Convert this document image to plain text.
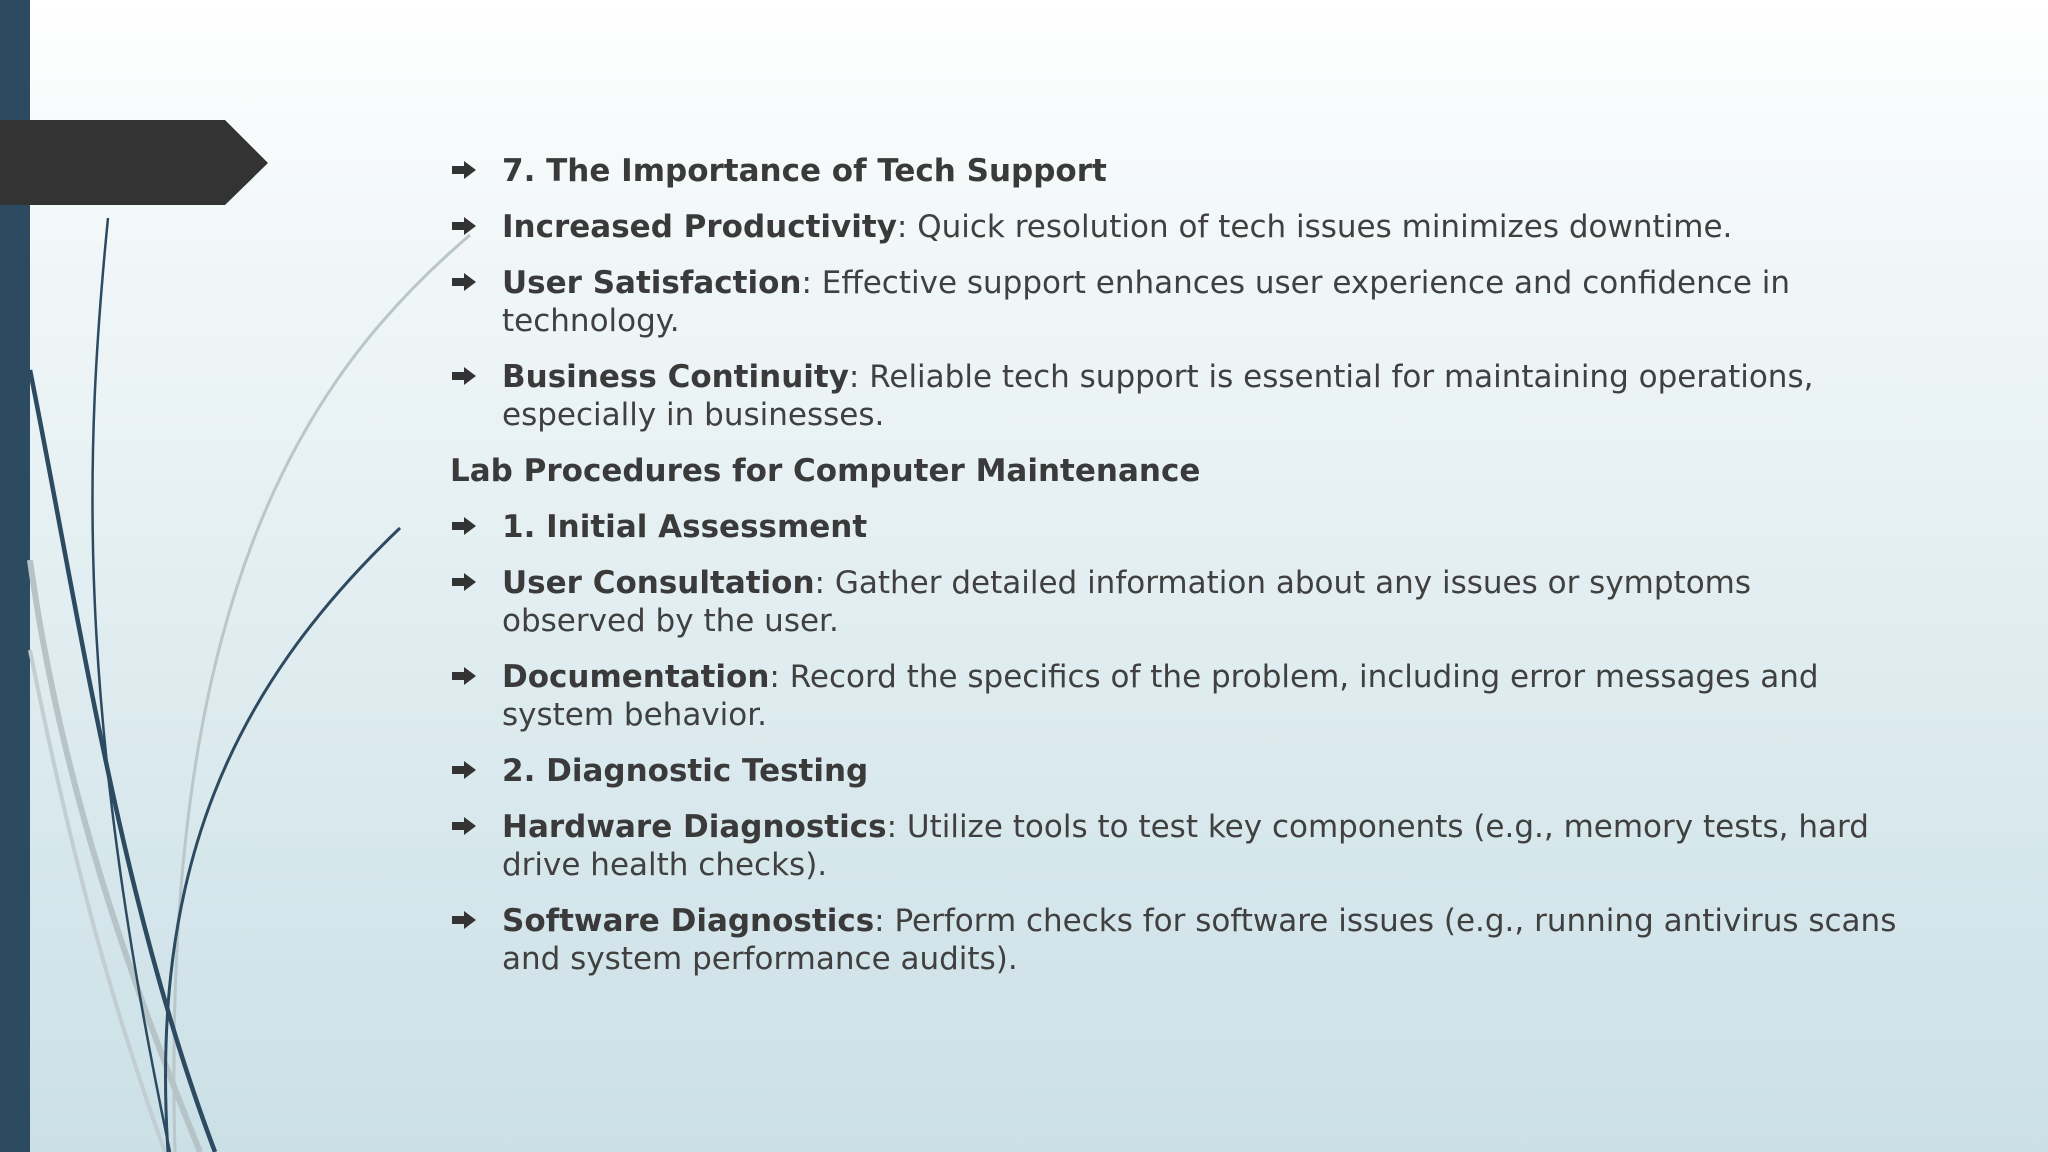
7. The Importance of Tech Support
Increased Productivity: Quick resolution of tech issues minimizes downtime.
User Satisfaction: Effective support enhances user experience and confidence in technology.
Business Continuity: Reliable tech support is essential for maintaining operations, especially in businesses.
Lab Procedures for Computer Maintenance
1. Initial Assessment
User Consultation: Gather detailed information about any issues or symptoms observed by the user.
Documentation: Record the specifics of the problem, including error messages and system behavior.
2. Diagnostic Testing
Hardware Diagnostics: Utilize tools to test key components (e.g., memory tests, hard drive health checks).
Software Diagnostics: Perform checks for software issues (e.g., running antivirus scans and system performance audits).
